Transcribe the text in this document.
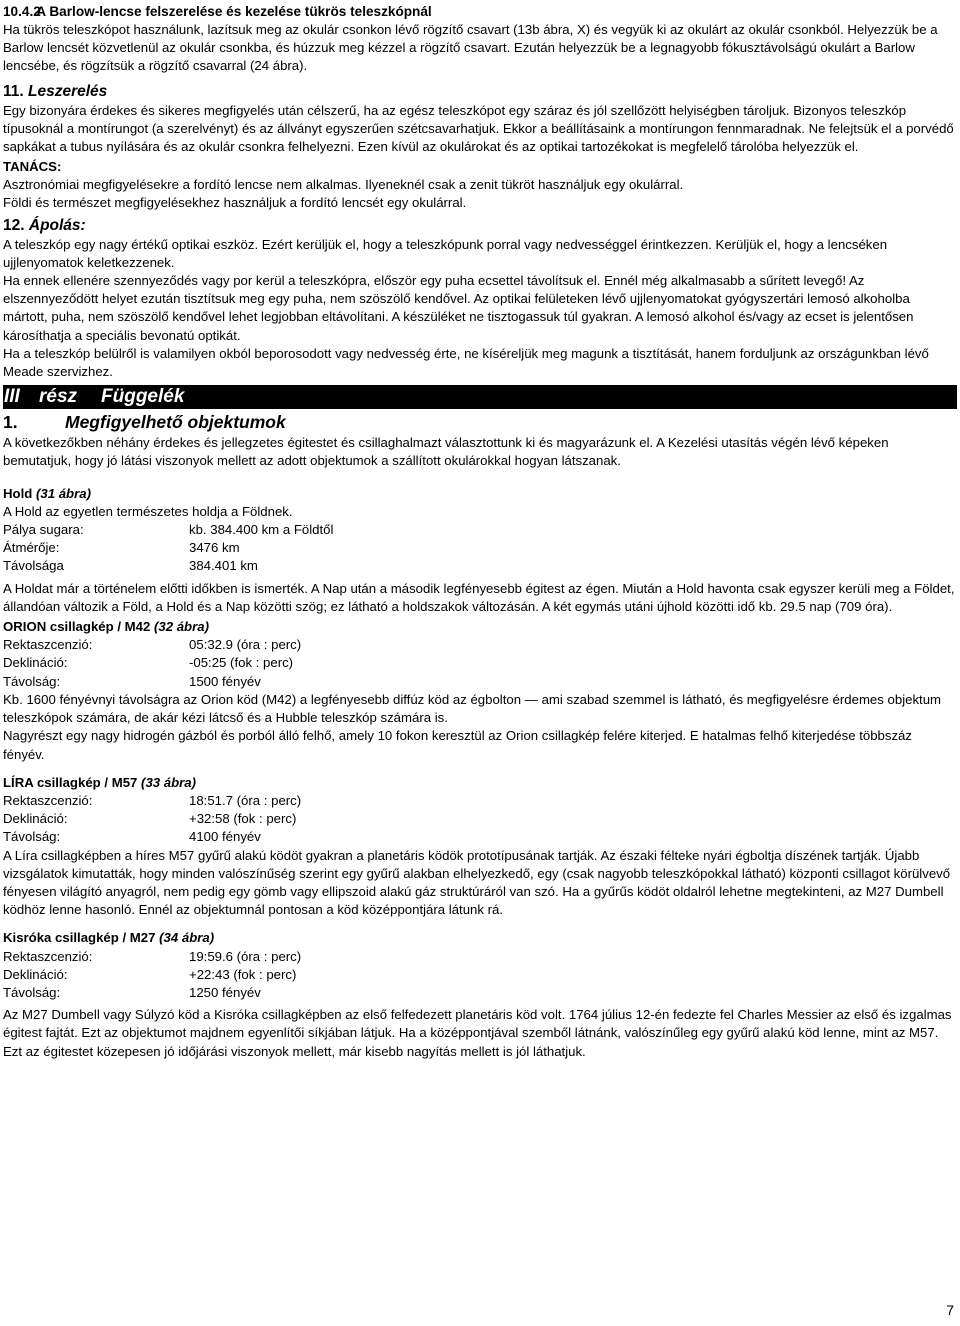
10.4.2 A Barlow-lencse felszerelése és kezelése tükrös teleszkópnál

Ha tükrös teleszkópot használunk, lazítsuk meg az okulár csonkon lévő rögzítő csavart (13b ábra, X) és vegyük ki az okulárt az okulár csonkból. Helyezzük be a Barlow lencsét közvetlenül az okulár csonkba, és húzzuk meg kézzel a rögzítő csavart. Ezután helyezzük be a legnagyobb fókusztávolságú okulárt a Barlow lencsébe, és rögzítsük a rögzítő csavarral (24 ábra).

11. Leszerelés

Egy bizonyára érdekes és sikeres megfigyelés után célszerű, ha az egész teleszkópot egy száraz és jól szellőzött helyiségben tároljuk. Bizonyos teleszkóp típusoknál a montírungot (a szerelvényt) és az állványt egyszerűen szétcsavarhatjuk. Ekkor a beállításaink a montírungon fennmaradnak. Ne felejtsük el a porvédő sapkákat a tubus nyílására és az okulár csonkra felhelyezni. Ezen kívül az okulárokat és az optikai tartozékokat is megfelelő tárolóba helyezzük el.

TANÁCS:

Asztronómiai megfigyelésekre a fordító lencse nem alkalmas. Ilyeneknél csak a zenit tükröt használjuk egy okulárral.

Földi és természet megfigyelésekhez használjuk a fordító lencsét egy okulárral.

12. Ápolás:

A teleszkóp egy nagy értékű optikai eszköz. Ezért kerüljük el, hogy a teleszkópunk porral vagy nedvességgel érintkezzen. Kerüljük el, hogy a lencséken ujjlenyomatok keletkezzenek.

Ha ennek ellenére szennyeződés vagy por kerül a teleszkópra, először egy puha ecsettel távolítsuk el. Ennél még alkalmasabb a sűrített levegő! Az elszennyeződött helyet ezután tisztítsuk meg egy puha, nem szöszölő kendővel. Az optikai felületeken lévő ujjlenyomatokat gyógyszertári lemosó alkoholba mártott, puha, nem szöszölő kendővel lehet legjobban eltávolítani. A készüléket ne tisztogassuk túl gyakran. A lemosó alkohol és/vagy az ecset is jelentősen károsíthatja a speciális bevonatú optikát.

Ha a teleszkóp belülről is valamilyen okból beporosodott vagy nedvesség érte, ne kíséreljük meg magunk a tisztítását, hanem forduljunk az országunkban lévő Meade szervizhez.

III rész Függelék
1.	Megfigyelhető objektumok

A következőkben néhány érdekes és jellegzetes égitestet és csillaghalmazt választottunk ki és magyarázunk el. A Kezelési utasítás végén lévő képeken bemutatjuk, hogy jó látási viszonyok mellett az adott objektumok a szállított okulárokkal hogyan látszanak.

Hold (31 ábra)

A Hold az egyetlen természetes holdja a Földnek.

Pálya sugara:	kb. 384.400 km a Földtől
Átmérője:	3476 km
Távolsága	384.401 km

A Holdat már a történelem előtti időkben is ismerték. A Nap után a második legfényesebb égitest az égen. Miután a Hold havonta csak egyszer kerüli meg a Földet, állandóan változik a Föld, a Hold és a Nap közötti szög; ez látható a holdszakok változásán. A két egymás utáni újhold közötti idő kb. 29.5 nap (709 óra).

ORION csillagkép / M42 (32 ábra)
Rektaszcenzió:	05:32.9 (óra : perc)
Deklináció:	-05:25 (fok : perc)
Távolság:	1500 fényév

Kb. 1600 fényévnyi távolságra az Orion köd (M42) a legfényesebb diffúz köd az égbolton — ami szabad szemmel is látható, és megfigyelésre érdemes objektum teleszkópok számára, de akár kézi látcső és a Hubble teleszkóp számára is.

Nagyrészt egy nagy hidrogén gázból és porból álló felhő, amely 10 fokon keresztül az Orion csillagkép felére kiterjed. E hatalmas felhő kiterjedése többszáz fényév.

LÍRA csillagkép / M57 (33 ábra)
Rektaszcenzió:	18:51.7 (óra : perc)
Deklináció:	+32:58 (fok : perc)
Távolság:	4100 fényév

A Líra csillagképben a híres M57 gyűrű alakú ködöt gyakran a planetáris ködök prototípusának tartják. Az északi félteke nyári égboltja díszének tartják. Újabb vizsgálatok kimutatták, hogy minden valószínűség szerint egy gyűrű alakban elhelyezkedő, egy (csak nagyobb teleszkópokkal látható) központi csillagot körülvevő fényesen világító anyagról, nem pedig egy gömb vagy ellipszoid alakú gáz struktúráról van szó. Ha a gyűrűs ködöt oldalról lehetne megtekinteni, az M27 Dumbell ködhöz lenne hasonló. Ennél az objektumnál pontosan a köd középpontjára látunk rá.

Kisróka csillagkép / M27 (34 ábra)
Rektaszcenzió:	19:59.6 (óra : perc)
Deklináció:	+22:43 (fok : perc)
Távolság:	1250 fényév

Az M27 Dumbell vagy Súlyzó köd a Kisróka csillagképben az első felfedezett planetáris köd volt. 1764 július 12-én fedezte fel Charles Messier az első és izgalmas égitest fajtát. Ezt az objektumot majdnem egyenlítői síkjában látjuk. Ha a középpontjával szemből látnánk, valószínűleg egy gyűrű alakú köd lenne, mint az M57.

Ezt az égitestet közepesen jó időjárási viszonyok mellett, már kisebb nagyítás mellett is jól láthatjuk.

7
